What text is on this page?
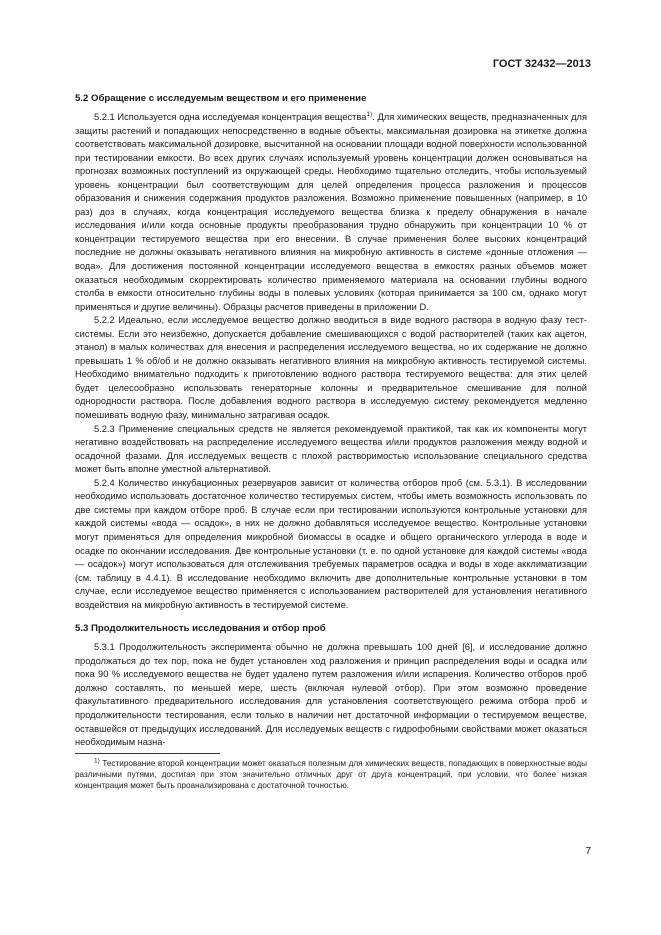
ГОСТ 32432—2013
5.2 Обращение с исследуемым веществом и его применение

5.2.1 Используется одна исследуемая концентрация вещества$^{1)}$. Для химических веществ, предназначенных для защиты растений и попадающих непосредственно в водные объекты, максимальная дозировка на этикетке должна соответствовать максимальной дозировке, высчитанной на основании площади водной поверхности использованной при тестировании емкости. Во всех других случаях используемый уровень концентрации должен основываться на прогнозах возможных поступлений из окружающей среды. Необходимо тщательно отследить, чтобы используемый уровень концентрации был соответствующим для целей определения процесса разложения и процессов образования и снижения содержания продуктов разложения. Возможно применение повышенных (например, в 10 раз) доз в случаях, когда концентрация исследуемого вещества близка к пределу обнаружения в начале исследования и/или когда основные продукты преобразования трудно обнаружить при концентрации 10 % от концентрации тестируемого вещества при его внесении. В случае применения более высоких концентраций последние не должны оказывать негативного влияния на микробную активность в системе «донные отложения — вода». Для достижения постоянной концентрации исследуемого вещества в емкостях разных объемов может оказаться необходимым скорректировать количество применяемого материала на основании глубины водного столба в емкости относительно глубины воды в полевых условиях (которая принимается за 100 см, однако могут применяться и другие величины). Образцы расчетов приведены в приложении D.

5.2.2 Идеально, если исследуемое вещество должно вводиться в виде водного раствора в водную фазу тест-системы. Если это неизбежно, допускается добавление смешивающихся с водой растворителей (таких как ацетон, этанол) в малых количествах для внесения и распределения исследуемого вещества, но их содержание не должно превышать 1 % об/об и не должно оказывать негативного влияния на микробную активность тестируемой системы. Необходимо внимательно подходить к приготовлению водного раствора тестируемого вещества: для этих целей будет целесообразно использовать генераторные колонны и предварительное смешивание для полной однородности раствора. После добавления водного раствора в исследуемую систему рекомендуется медленно помешивать водную фазу, минимально затрагивая осадок.

5.2.3 Применение специальных средств не является рекомендуемой практикой, так как их компоненты могут негативно воздействовать на распределение исследуемого вещества и/или продуктов разложения между водной и осадочной фазами. Для исследуемых веществ с плохой растворимостью использование специального средства может быть вполне уместной альтернативой.

5.2.4 Количество инкубационных резервуаров зависит от количества отборов проб (см. 5.3.1). В исследовании необходимо использовать достаточное количество тестируемых систем, чтобы иметь возможность использовать по две системы при каждом отборе проб. В случае если при тестировании используются контрольные установки для каждой системы «вода — осадок», в них не должно добавляться исследуемое вещество. Контрольные установки могут применяться для определения микробной биомассы в осадке и общего органического углерода в воде и осадке по окончании исследования. Две контрольные установки (т. е. по одной установке для каждой системы «вода — осадок») могут использоваться для отслеживания требуемых параметров осадка и воды в ходе акклиматизации (см. таблицу в 4.4.1). В исследование необходимо включить две дополнительные контрольные установки в том случае, если исследуемое вещество применяется с использованием растворителей для установления негативного воздействия на микробную активность в тестируемой системе.

5.3 Продолжительность исследования и отбор проб

5.3.1 Продолжительность эксперимента обычно не должна превышать 100 дней [6], и исследование должно продолжаться до тех пор, пока не будет установлен ход разложения и принцип распределения воды и осадка или пока 90 % исследуемого вещества не будет удалено путем разложения и/или испарения. Количество отборов проб должно составлять, по меньшей мере, шесть (включая нулевой отбор). При этом возможно проведение факультативного предварительного исследования для установления соответствующего режима отбора проб и продолжительности тестирования, если только в наличии нет достаточной информации о тестируемом веществе, оставшейся от предыдущих исследований. Для исследуемых веществ с гидрофобными свойствами может оказаться необходимым назна-

$^{1)}$ Тестирование второй концентрации может оказаться полезным для химических веществ, попадающих в поверхностные воды различными путями, достигая при этом значительно отличных друг от друга концентраций, при условии, что более низкая концентрация может быть проанализирована с достаточной точностью.

7
